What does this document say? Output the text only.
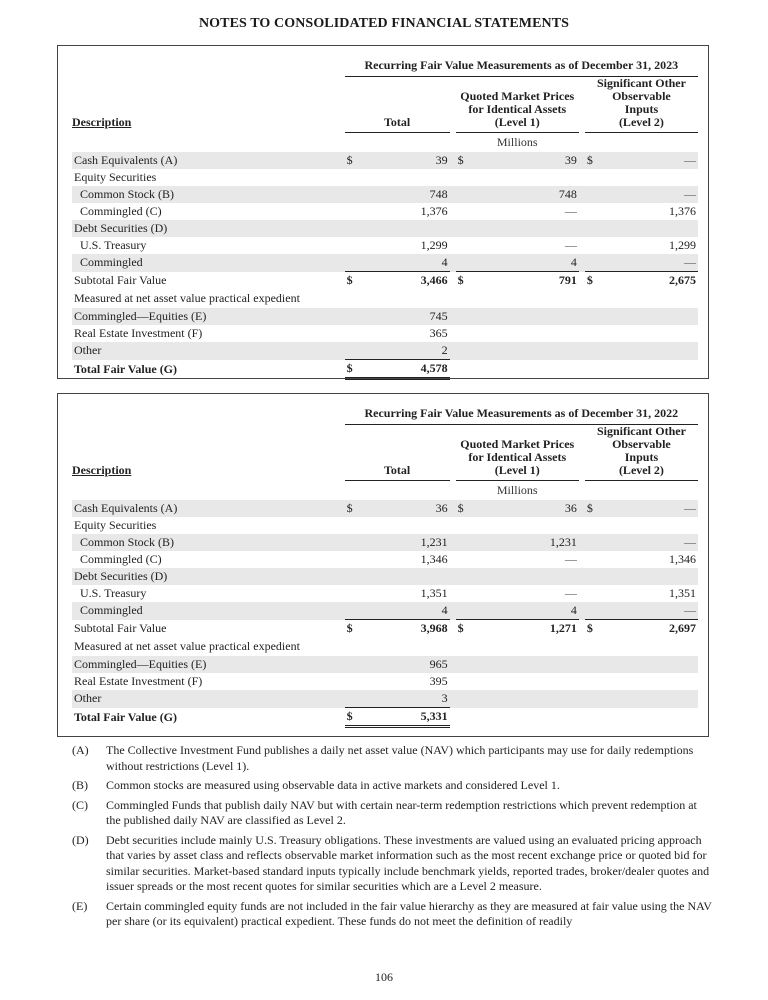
NOTES TO CONSOLIDATED FINANCIAL STATEMENTS
	Recurring Fair Value Measurements as of December 31, 2023							
Description	Total		
Quoted Market Prices
for Identical Assets
(Level 1)

Significant Other
Observable
Inputs
(Level 2)

				Millions				
Cash Equivalents (A)	$	39		$	39		$	—
Equity Securities								
Common Stock (B)		748			748			—
Commingled (C)		1,376			—			1,376
Debt Securities (D)								
U.S. Treasury		1,299			—			1,299
Commingled		4			4			—
Subtotal Fair Value	$	3,466		$	791		$	2,675
Measured at net asset value practical expedient								
Commingled—Equities (E)		745						
Real Estate Investment (F)		365						
Other		2						
Total Fair Value (G)	$	4,578						
	Recurring Fair Value Measurements as of December 31, 2022							
Description	Total		
Quoted Market Prices
for Identical Assets
(Level 1)

Significant Other
Observable
Inputs
(Level 2)

				Millions				
Cash Equivalents (A)	$	36		$	36		$	—
Equity Securities								
Common Stock (B)		1,231			1,231			—
Commingled (C)		1,346			—			1,346
Debt Securities (D)								
U.S. Treasury		1,351			—			1,351
Commingled		4			4			—
Subtotal Fair Value	$	3,968		$	1,271		$	2,697
Measured at net asset value practical expedient								
Commingled—Equities (E)		965						
Real Estate Investment (F)		395						
Other		3						
Total Fair Value (G)	$	5,331						
(A)	The Collective Investment Fund publishes a daily net asset value (NAV) which participants may use for daily redemptions without restrictions (Level 1).
(B)	Common stocks are measured using observable data in active markets and considered Level 1.
(C)	Commingled Funds that publish daily NAV but with certain near-term redemption restrictions which prevent redemption at the published daily NAV are classified as Level 2.
(D)	Debt securities include mainly U.S. Treasury obligations. These investments are valued using an evaluated pricing approach that varies by asset class and reflects observable market information such as the most recent exchange price or quoted bid for similar securities. Market-based standard inputs typically include benchmark yields, reported trades, broker/dealer quotes and issuer spreads or the most recent quotes for similar securities which are a Level 2 measure.
(E)	Certain commingled equity funds are not included in the fair value hierarchy as they are measured at fair value using the NAV per share (or its equivalent) practical expedient. These funds do not meet the definition of readily
106
